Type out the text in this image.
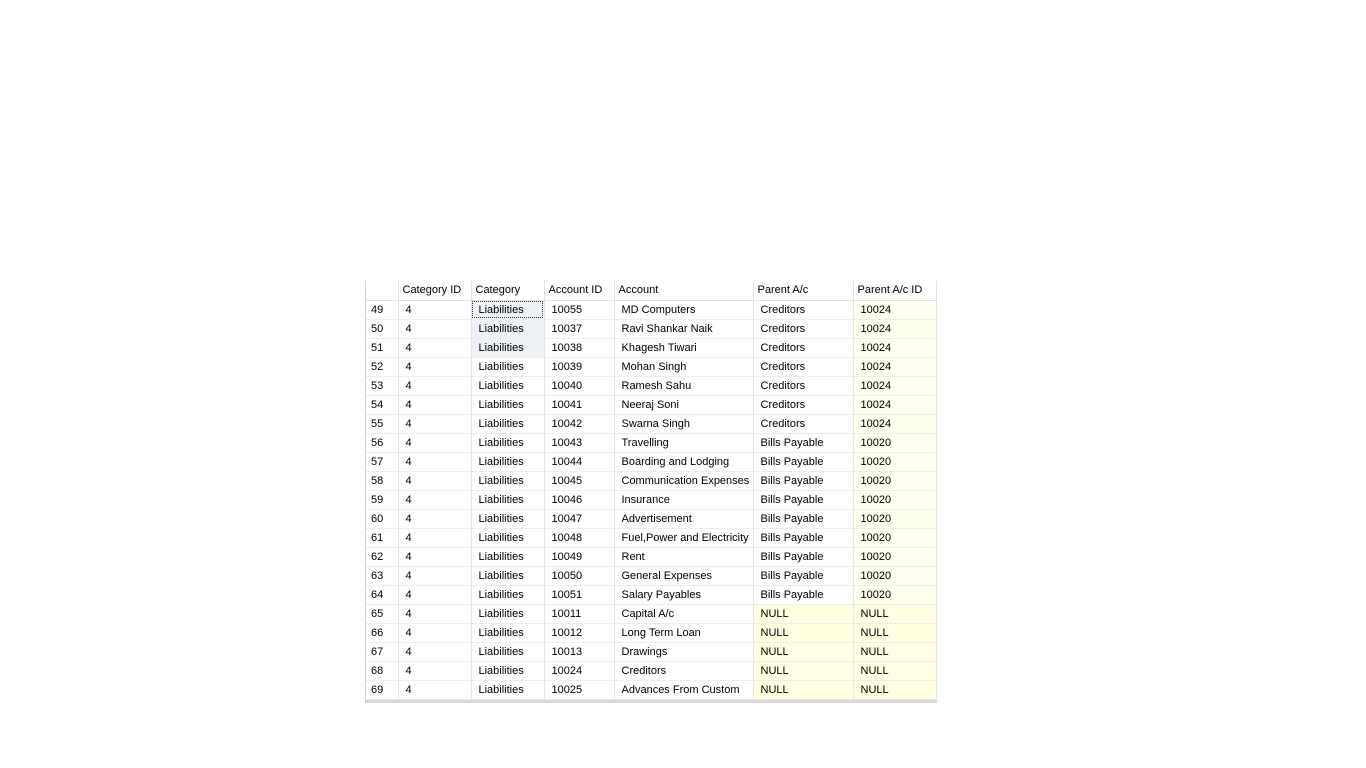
	Category ID	Category	Account ID	Account	Parent A/c	Parent A/c ID
49	4	Liabilities	10055	MD Computers	Creditors	10024
50	4	Liabilities	10037	Ravi Shankar Naik	Creditors	10024
51	4	Liabilities	10038	Khagesh Tiwari	Creditors	10024
52	4	Liabilities	10039	Mohan Singh	Creditors	10024
53	4	Liabilities	10040	Ramesh Sahu	Creditors	10024
54	4	Liabilities	10041	Neeraj Soni	Creditors	10024
55	4	Liabilities	10042	Swarna Singh	Creditors	10024
56	4	Liabilities	10043	Travelling	Bills Payable	10020
57	4	Liabilities	10044	Boarding and Lodging	Bills Payable	10020
58	4	Liabilities	10045	Communication Expenses	Bills Payable	10020
59	4	Liabilities	10046	Insurance	Bills Payable	10020
60	4	Liabilities	10047	Advertisement	Bills Payable	10020
61	4	Liabilities	10048	Fuel,Power and Electricity	Bills Payable	10020
62	4	Liabilities	10049	Rent	Bills Payable	10020
63	4	Liabilities	10050	General Expenses	Bills Payable	10020
64	4	Liabilities	10051	Salary Payables	Bills Payable	10020
65	4	Liabilities	10011	Capital A/c	NULL	NULL
66	4	Liabilities	10012	Long Term Loan	NULL	NULL
67	4	Liabilities	10013	Drawings	NULL	NULL
68	4	Liabilities	10024	Creditors	NULL	NULL
69	4	Liabilities	10025	Advances From Custom	NULL	NULL
